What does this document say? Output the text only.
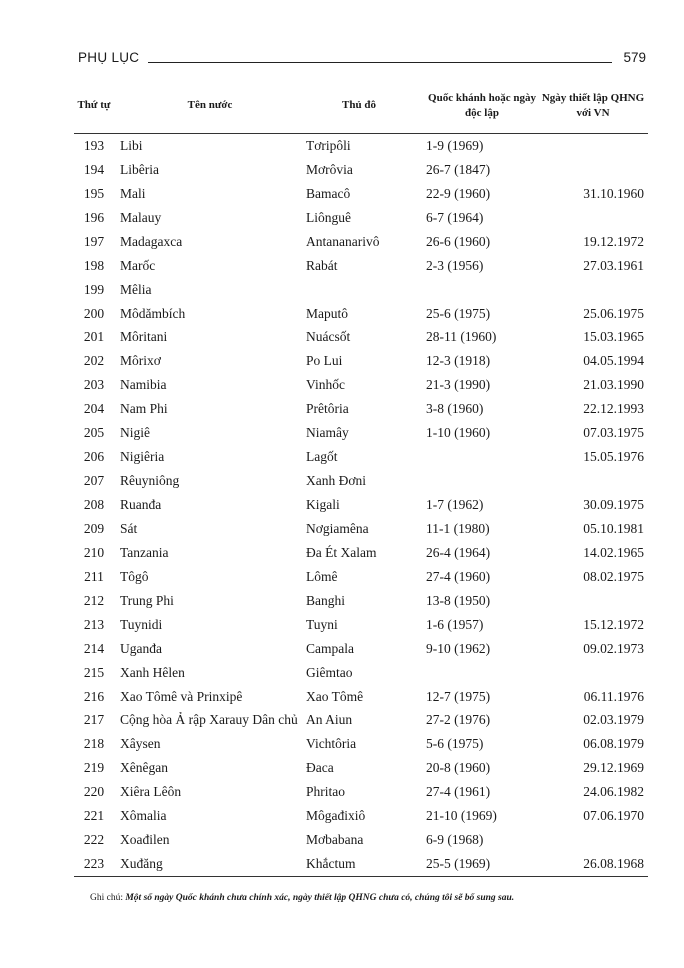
PHỤ LỤC	579
Thứ tự	Tên nước	Thủ đô	Quốc khánh hoặc ngày độc lập	Ngày thiết lập QHNG với VN
193	Libi	Tơripôli	1-9 (1969)	
194	Libêria	Mơrôvia	26-7 (1847)	
195	Mali	Bamacô	22-9 (1960)	31.10.1960
196	Malauy	Liônguê	6-7 (1964)	
197	Madagaxca	Antananarivô	26-6 (1960)	19.12.1972
198	Marốc	Rabát	2-3 (1956)	27.03.1961
199	Mêlia			
200	Môdămbích	Maputô	25-6 (1975)	25.06.1975
201	Môritani	Nuácsốt	28-11 (1960)	15.03.1965
202	Môrixơ	Po Lui	12-3 (1918)	04.05.1994
203	Namibia	Vinhốc	21-3 (1990)	21.03.1990
204	Nam Phi	Prêtôria	3-8 (1960)	22.12.1993
205	Nigiê	Niamây	1-10 (1960)	07.03.1975
206	Nigiêria	Lagốt		15.05.1976
207	Rêuyniông	Xanh Đơni		
208	Ruanđa	Kigali	1-7 (1962)	30.09.1975
209	Sát	Nơgiamêna	11-1 (1980)	05.10.1981
210	Tanzania	Đa Ét Xalam	26-4 (1964)	14.02.1965
211	Tôgô	Lômê	27-4 (1960)	08.02.1975
212	Trung Phi	Banghi	13-8 (1950)	
213	Tuynidi	Tuyni	1-6 (1957)	15.12.1972
214	Uganđa	Campala	9-10 (1962)	09.02.1973
215	Xanh Hêlen	Giêmtao		
216	Xao Tômê và Prinxipê	Xao Tômê	12-7 (1975)	06.11.1976
217	Cộng hòa Ả rập Xarauy Dân chủ	An Aiun	27-2 (1976)	02.03.1979
218	Xâysen	Vichtôria	5-6 (1975)	06.08.1979
219	Xênêgan	Đaca	20-8 (1960)	29.12.1969
220	Xiêra Lêôn	Phritao	27-4 (1961)	24.06.1982
221	Xômalia	Môgađixiô	21-10 (1969)	07.06.1970
222	Xoađilen	Mơbabana	6-9 (1968)	
223	Xuđăng	Khắctum	25-5 (1969)	26.08.1968
Ghi chú: Một số ngày Quốc khánh chưa chính xác, ngày thiết lập QHNG chưa có, chúng tôi sẽ bổ sung sau.
